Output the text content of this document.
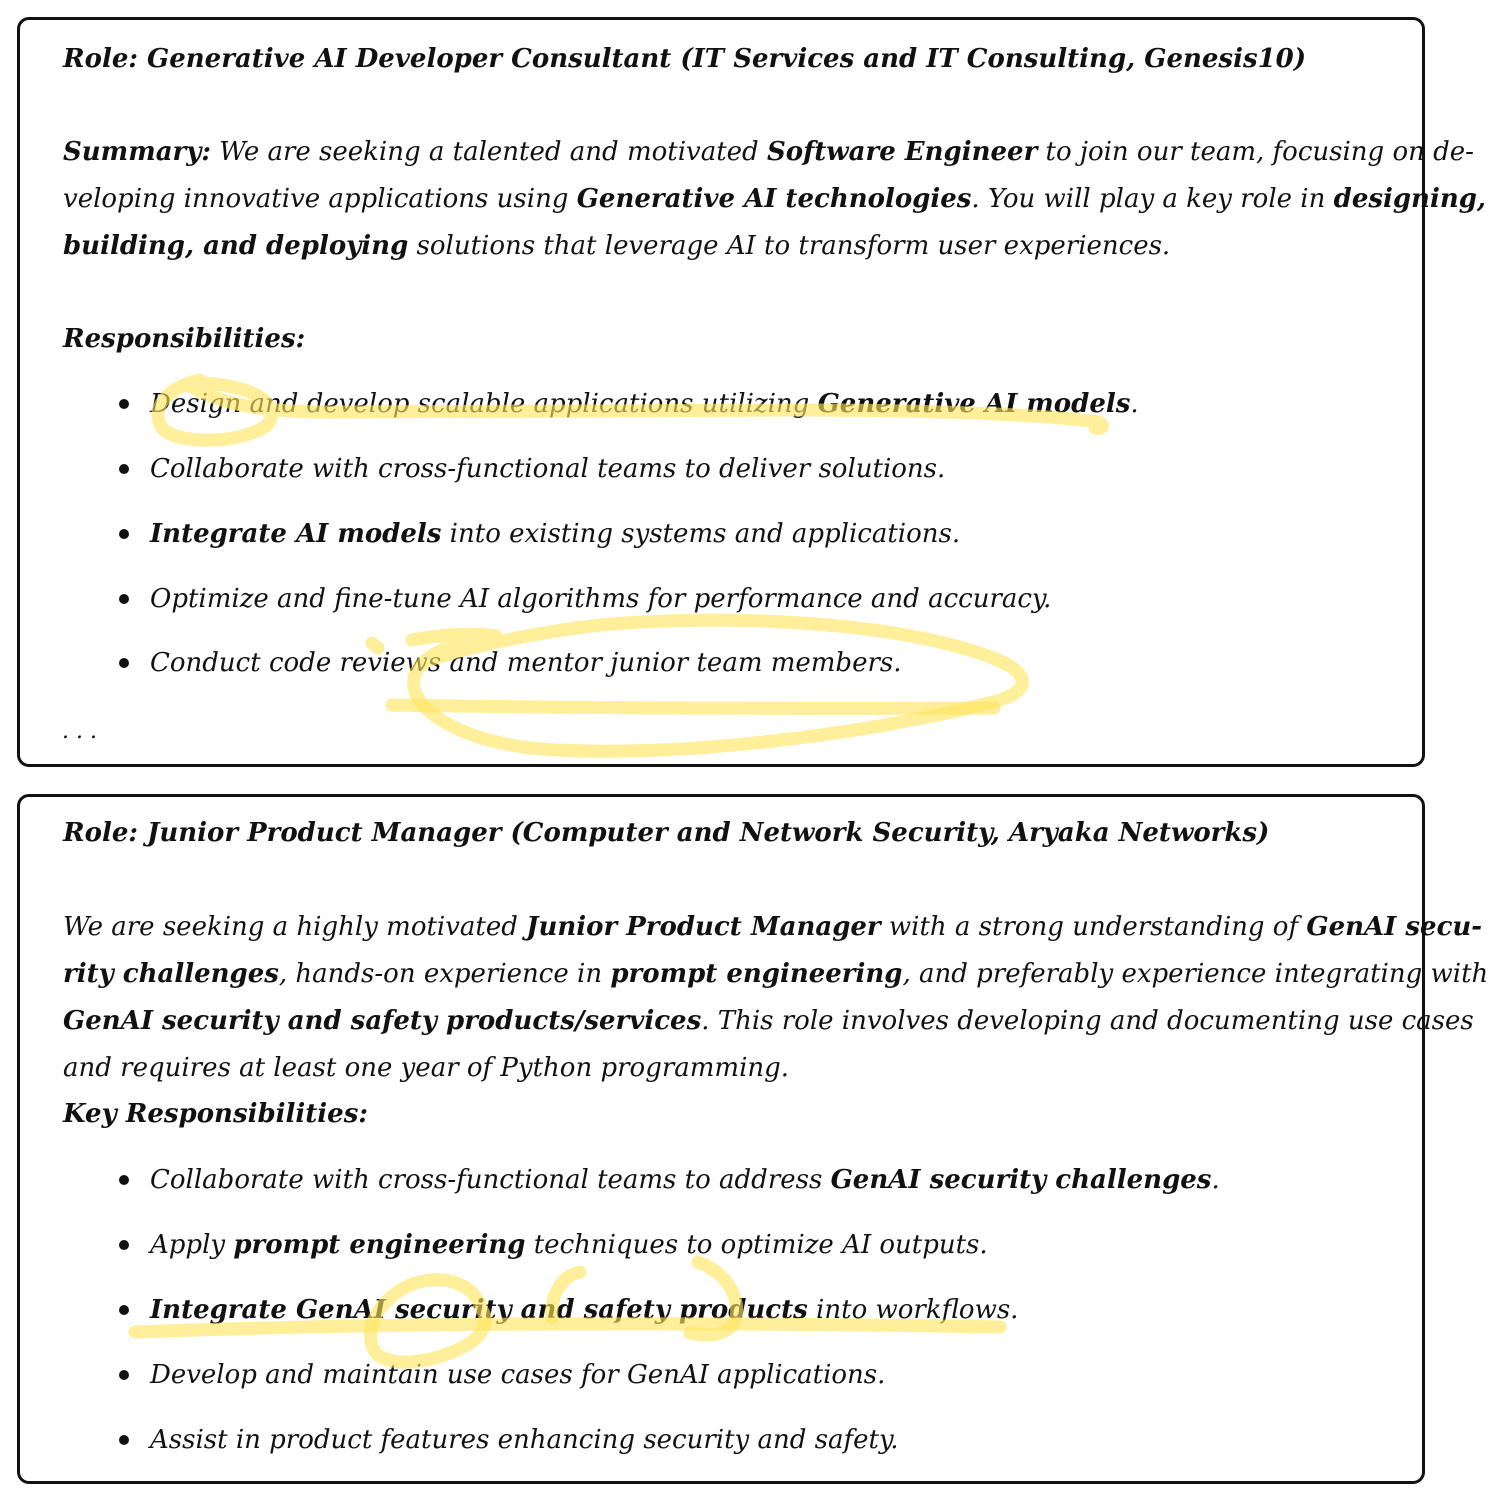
Role: Generative AI Developer Consultant (IT Services and IT Consulting, Genesis10)
Summary: We are seeking a talented and motivated Software Engineer to join our team, focusing on de-
veloping innovative applications using Generative AI technologies. You will play a key role in designing,
building, and deploying solutions that leverage AI to transform user experiences.
Responsibilities:
Design and develop scalable applications utilizing Generative AI models.
Collaborate with cross-functional teams to deliver solutions.
Integrate AI models into existing systems and applications.
Optimize and fine-tune AI algorithms for performance and accuracy.
Conduct code reviews and mentor junior team members.
. . .
Role: Junior Product Manager (Computer and Network Security, Aryaka Networks)
We are seeking a highly motivated Junior Product Manager with a strong understanding of GenAI secu-
rity challenges, hands-on experience in prompt engineering, and preferably experience integrating with
GenAI security and safety products/services. This role involves developing and documenting use cases
and requires at least one year of Python programming.
Key Responsibilities:
Collaborate with cross-functional teams to address GenAI security challenges.
Apply prompt engineering techniques to optimize AI outputs.
Integrate GenAI security and safety products into workflows.
Develop and maintain use cases for GenAI applications.
Assist in product features enhancing security and safety.
